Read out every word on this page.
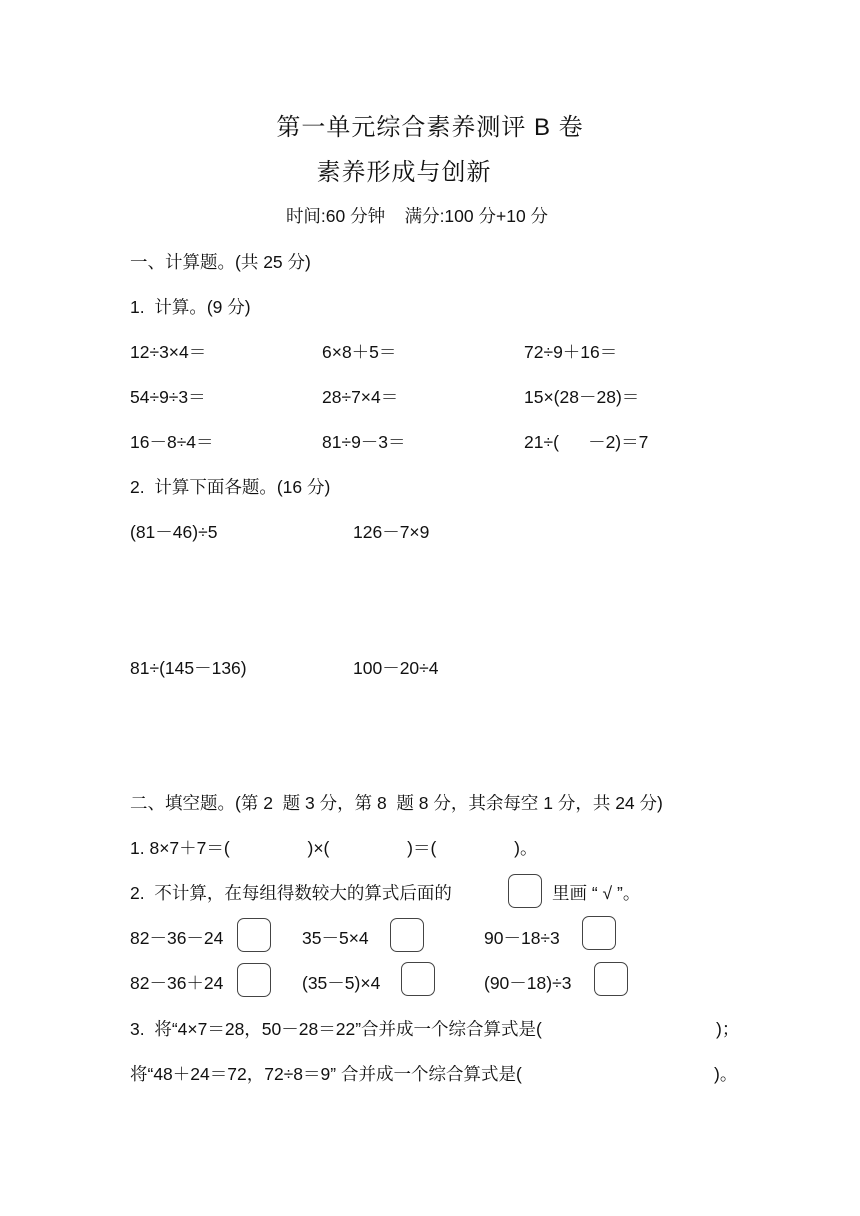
第一单元综合素养测评 B 卷
素养形成与创新
时间:60 分钟    满分:100 分+10 分
一、计算题。(共 25 分)
1.  计算。(9 分)
12÷3×4＝	6×8＋5＝	72÷9＋16＝
54÷9÷3＝	28÷7×4＝	15×(28－28)＝
16－8÷4＝	81÷9－3＝	21÷(      －2)＝7
2.  计算下面各题。(16 分)
(81－46)÷5	126－7×9
81÷(145－136)	100－20÷4
二、填空题。(第 2  题 3 分，第 8  题 8 分，其余每空 1 分，共 24 分)
1. 8×7＋7＝(                )×(                )＝(                )。
2.  不计算，在每组得数较大的算式后面的	里画 “ √ ”。
82－36－24	35－5×4	90－18÷3
82－36＋24	(35－5)×4	(90－18)÷3
3.  将“4×7＝28，50－28＝22”合并成一个综合算式是(	)；
将“48＋24＝72，72÷8＝9” 合并成一个综合算式是(	)。
